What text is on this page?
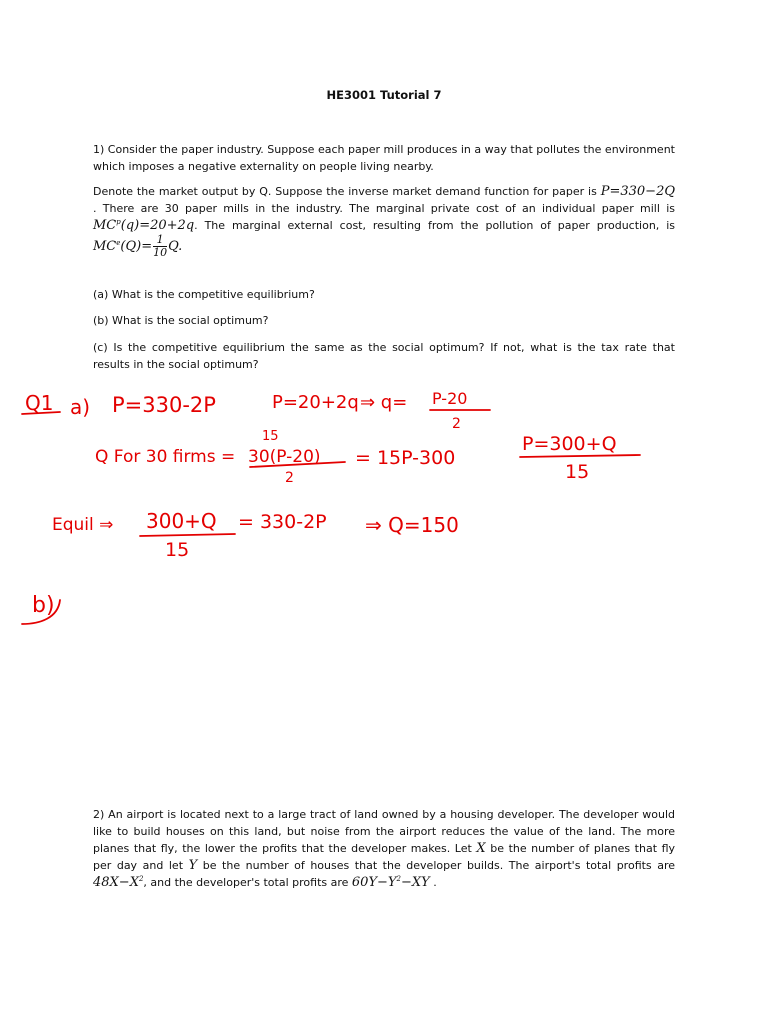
HE3001 Tutorial 7
1) Consider the paper industry. Suppose each paper mill produces in a way that pollutes the environment which imposes a negative externality on people living nearby.
Denote the market output by Q. Suppose the inverse market demand function for paper is P=330−2Q . There are 30 paper mills in the industry. The marginal private cost of an individual paper mill is $MC^p(q)=20+2q$. The marginal external cost, resulting from the pollution of paper production, is $MC^e(Q)= \frac{1}{10} Q$.
(a) What is the competitive equilibrium?
(b) What is the social optimum?
(c) Is the competitive equilibrium the same as the social optimum? If not, what is the tax rate that results in the social optimum?
Q1 a) P=330-2P	P=20+2q ⇒ q= P-20
2
Q For 30 firms =
15
30(P-20)
2
= 15P-300
P=300+Q
15
Equil ⇒ 300+Q
15
= 330-2P ⇒ Q=150
b)
2) An airport is located next to a large tract of land owned by a housing developer. The developer would like to build houses on this land, but noise from the airport reduces the value of the land. The more planes that fly, the lower the profits that the developer makes. Let X be the number of planes that fly per day and let Y be the number of houses that the developer builds. The airport's total profits are $48X-X^2$, and the developer's total profits are $60Y-Y^2-XY$ .
